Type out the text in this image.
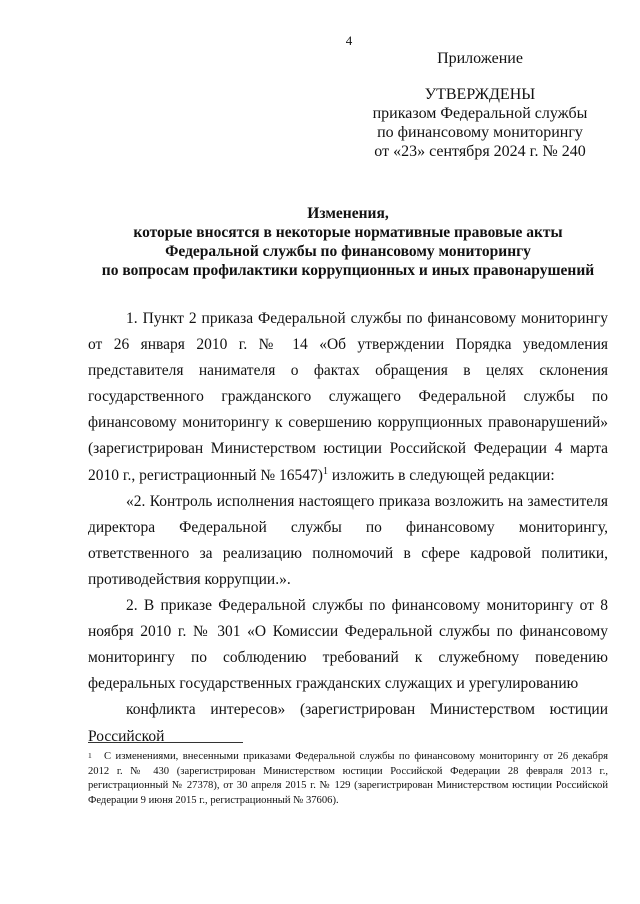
4
Приложение
УТВЕРЖДЕНЫ
приказом Федеральной службы
по финансовому мониторингу
от «23» сентября 2024 г. № 240
Изменения,
которые вносятся в некоторые нормативные правовые акты
Федеральной службы по финансовому мониторингу
по вопросам профилактики коррупционных и иных правонарушений

1. Пункт 2 приказа Федеральной службы по финансовому мониторингу от 26 января 2010 г. № 14 «Об утверждении Порядка уведомления представителя нанимателя о фактах обращения в целях склонения государственного гражданского служащего Федеральной службы по финансовому мониторингу к совершению коррупционных правонарушений» (зарегистрирован Министерством юстиции Российской Федерации 4 марта 2010 г., регистрационный № 16547)$^1$ изложить в следующей редакции:

«2. Контроль исполнения настоящего приказа возложить на заместителя директора Федеральной службы по финансовому мониторингу, ответственного за реализацию полномочий в сфере кадровой политики, противодействия коррупции.».

2. В приказе Федеральной службы по финансовому мониторингу от 8 ноября 2010 г. № 301 «О Комиссии Федеральной службы по финансовому мониторингу по соблюдению требований к служебному поведению федеральных государственных гражданских служащих и урегулированию
конфликта интересов» (зарегистрирован Министерством юстиции Российской

1 С изменениями, внесенными приказами Федеральной службы по финансовому мониторингу от 26 декабря 2012 г. № 430 (зарегистрирован Министерством юстиции Российской Федерации 28 февраля 2013 г., регистрационный № 27378), от 30 апреля 2015 г. № 129 (зарегистрирован Министерством юстиции Российской Федерации 9 июня 2015 г., регистрационный № 37606).
